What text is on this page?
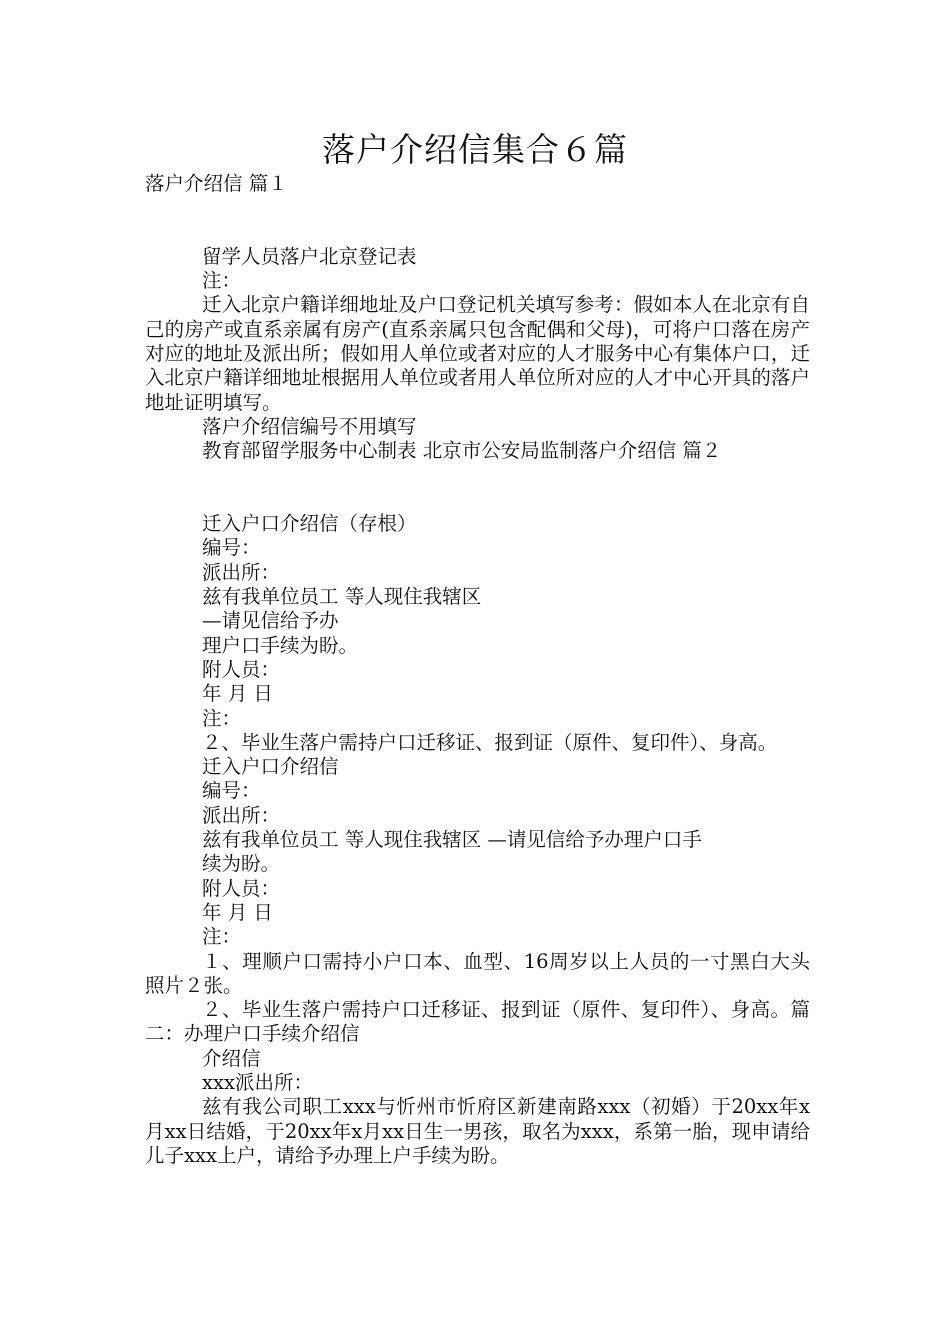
落户介绍信集合６篇

落户介绍信 篇１

留学人员落户北京登记表

注：

迁入北京户籍详细地址及户口登记机关填写参考：假如本人在北京有自己的房产或直系亲属有房产(直系亲属只包含配偶和父母)，可将户口落在房产对应的地址及派出所；假如用人单位或者对应的人才服务中心有集体户口，迁入北京户籍详细地址根据用人单位或者用人单位所对应的人才中心开具的落户地址证明填写。

落户介绍信编号不用填写

教育部留学服务中心制表 北京市公安局监制落户介绍信 篇２

迁入户口介绍信（存根）

编号：

派出所：

兹有我单位员工 等人现住我辖区

—请见信给予办

理户口手续为盼。

附人员：

年 月 日

注：

２、毕业生落户需持户口迁移证、报到证（原件、复印件）、身高。

迁入户口介绍信

编号：

派出所：

兹有我单位员工 等人现住我辖区 —请见信给予办理户口手

续为盼。

附人员：

年 月 日

注：

１、理顺户口需持小户口本、血型、16周岁以上人员的一寸黑白大头照片２张。

２、毕业生落户需持户口迁移证、报到证（原件、复印件）、身高。篇二：办理户口手续介绍信

介绍信

xxx派出所：

兹有我公司职工xxx与忻州市忻府区新建南路xxx（初婚）于20xx年x月xx日结婚，于20xx年x月xx日生一男孩，取名为xxx，系第一胎，现申请给儿子xxx上户，请给予办理上户手续为盼。
